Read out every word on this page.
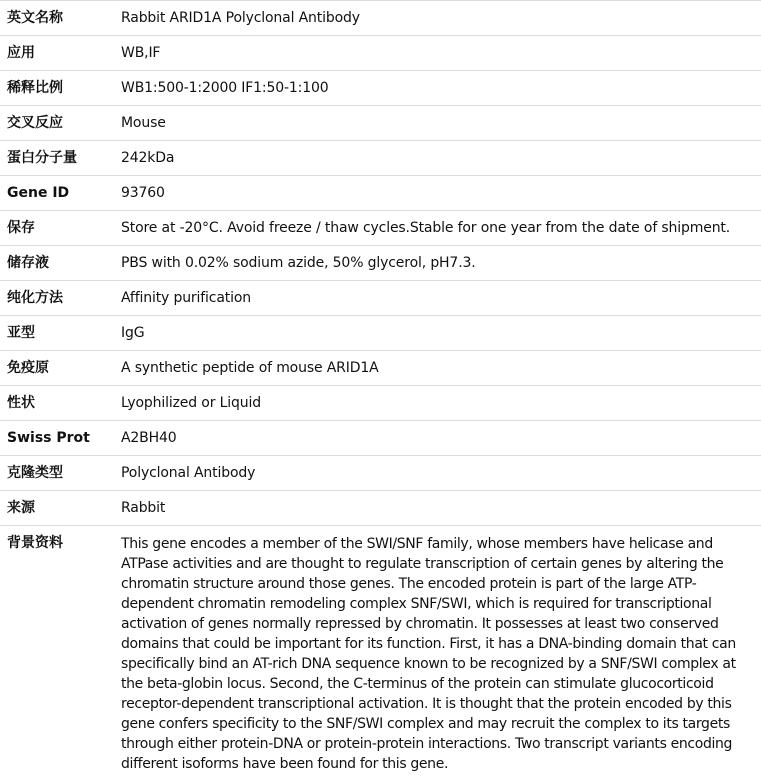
英文名称	Rabbit ARID1A Polyclonal Antibody
应用	WB,IF
稀释比例	WB1:500-1:2000 IF1:50-1:100
交叉反应	Mouse
蛋白分子量	242kDa
Gene ID	93760
保存	Store at -20°C. Avoid freeze / thaw cycles.Stable for one year from the date of shipment.
储存液	PBS with 0.02% sodium azide, 50% glycerol, pH7.3.
纯化方法	Affinity purification
亚型	IgG
免疫原	A synthetic peptide of mouse ARID1A
性状	Lyophilized or Liquid
Swiss Prot	A2BH40
克隆类型	Polyclonal Antibody
来源	Rabbit
背景资料	This gene encodes a member of the SWI/SNF family, whose members have helicase and ATPase activities and are thought to regulate transcription of certain genes by altering the chromatin structure around those genes. The encoded protein is part of the large ATP-dependent chromatin remodeling complex SNF/SWI, which is required for transcriptional activation of genes normally repressed by chromatin. It possesses at least two conserved domains that could be important for its function. First, it has a DNA-binding domain that can specifically bind an AT-rich DNA sequence known to be recognized by a SNF/SWI complex at the beta-globin locus. Second, the C-terminus of the protein can stimulate glucocorticoid receptor-dependent transcriptional activation. It is thought that the protein encoded by this gene confers specificity to the SNF/SWI complex and may recruit the complex to its targets through either protein-DNA or protein-protein interactions. Two transcript variants encoding different isoforms have been found for this gene.
